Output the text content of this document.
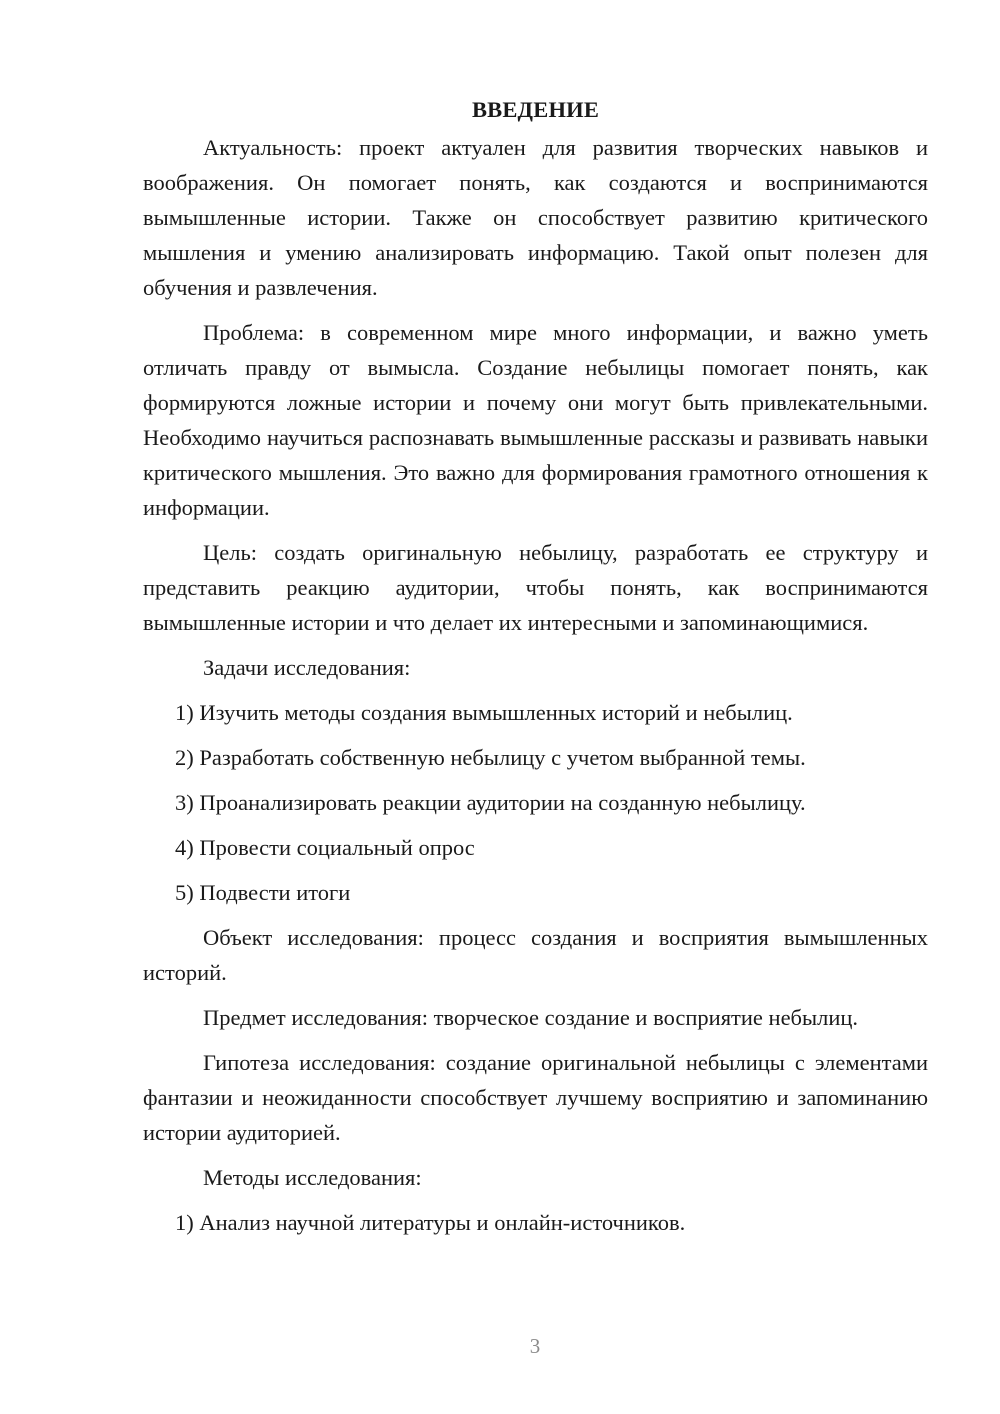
ВВЕДЕНИЕ
Актуальность: проект актуален для развития творческих навыков и воображения. Он помогает понять, как создаются и воспринимаются вымышленные истории. Также он способствует развитию критического мышления и умению анализировать информацию. Такой опыт полезен для обучения и развлечения.
Проблема: в современном мире много информации, и важно уметь отличать правду от вымысла. Создание небылицы помогает понять, как формируются ложные истории и почему они могут быть привлекательными. Необходимо научиться распознавать вымышленные рассказы и развивать навыки критического мышления. Это важно для формирования грамотного отношения к информации.
Цель: создать оригинальную небылицу, разработать ее структуру и представить реакцию аудитории, чтобы понять, как воспринимаются вымышленные истории и что делает их интересными и запоминающимися.
Задачи исследования:
1) Изучить методы создания вымышленных историй и небылиц.
2) Разработать собственную небылицу с учетом выбранной темы.
3) Проанализировать реакции аудитории на созданную небылицу.
4) Провести социальный опрос
5) Подвести итоги
Объект исследования: процесс создания и восприятия вымышленных историй.
Предмет исследования: творческое создание и восприятие небылиц.
Гипотеза исследования: создание оригинальной небылицы с элементами фантазии и неожиданности способствует лучшему восприятию и запоминанию истории аудиторией.
Методы исследования:
1) Анализ научной литературы и онлайн-источников.
3
